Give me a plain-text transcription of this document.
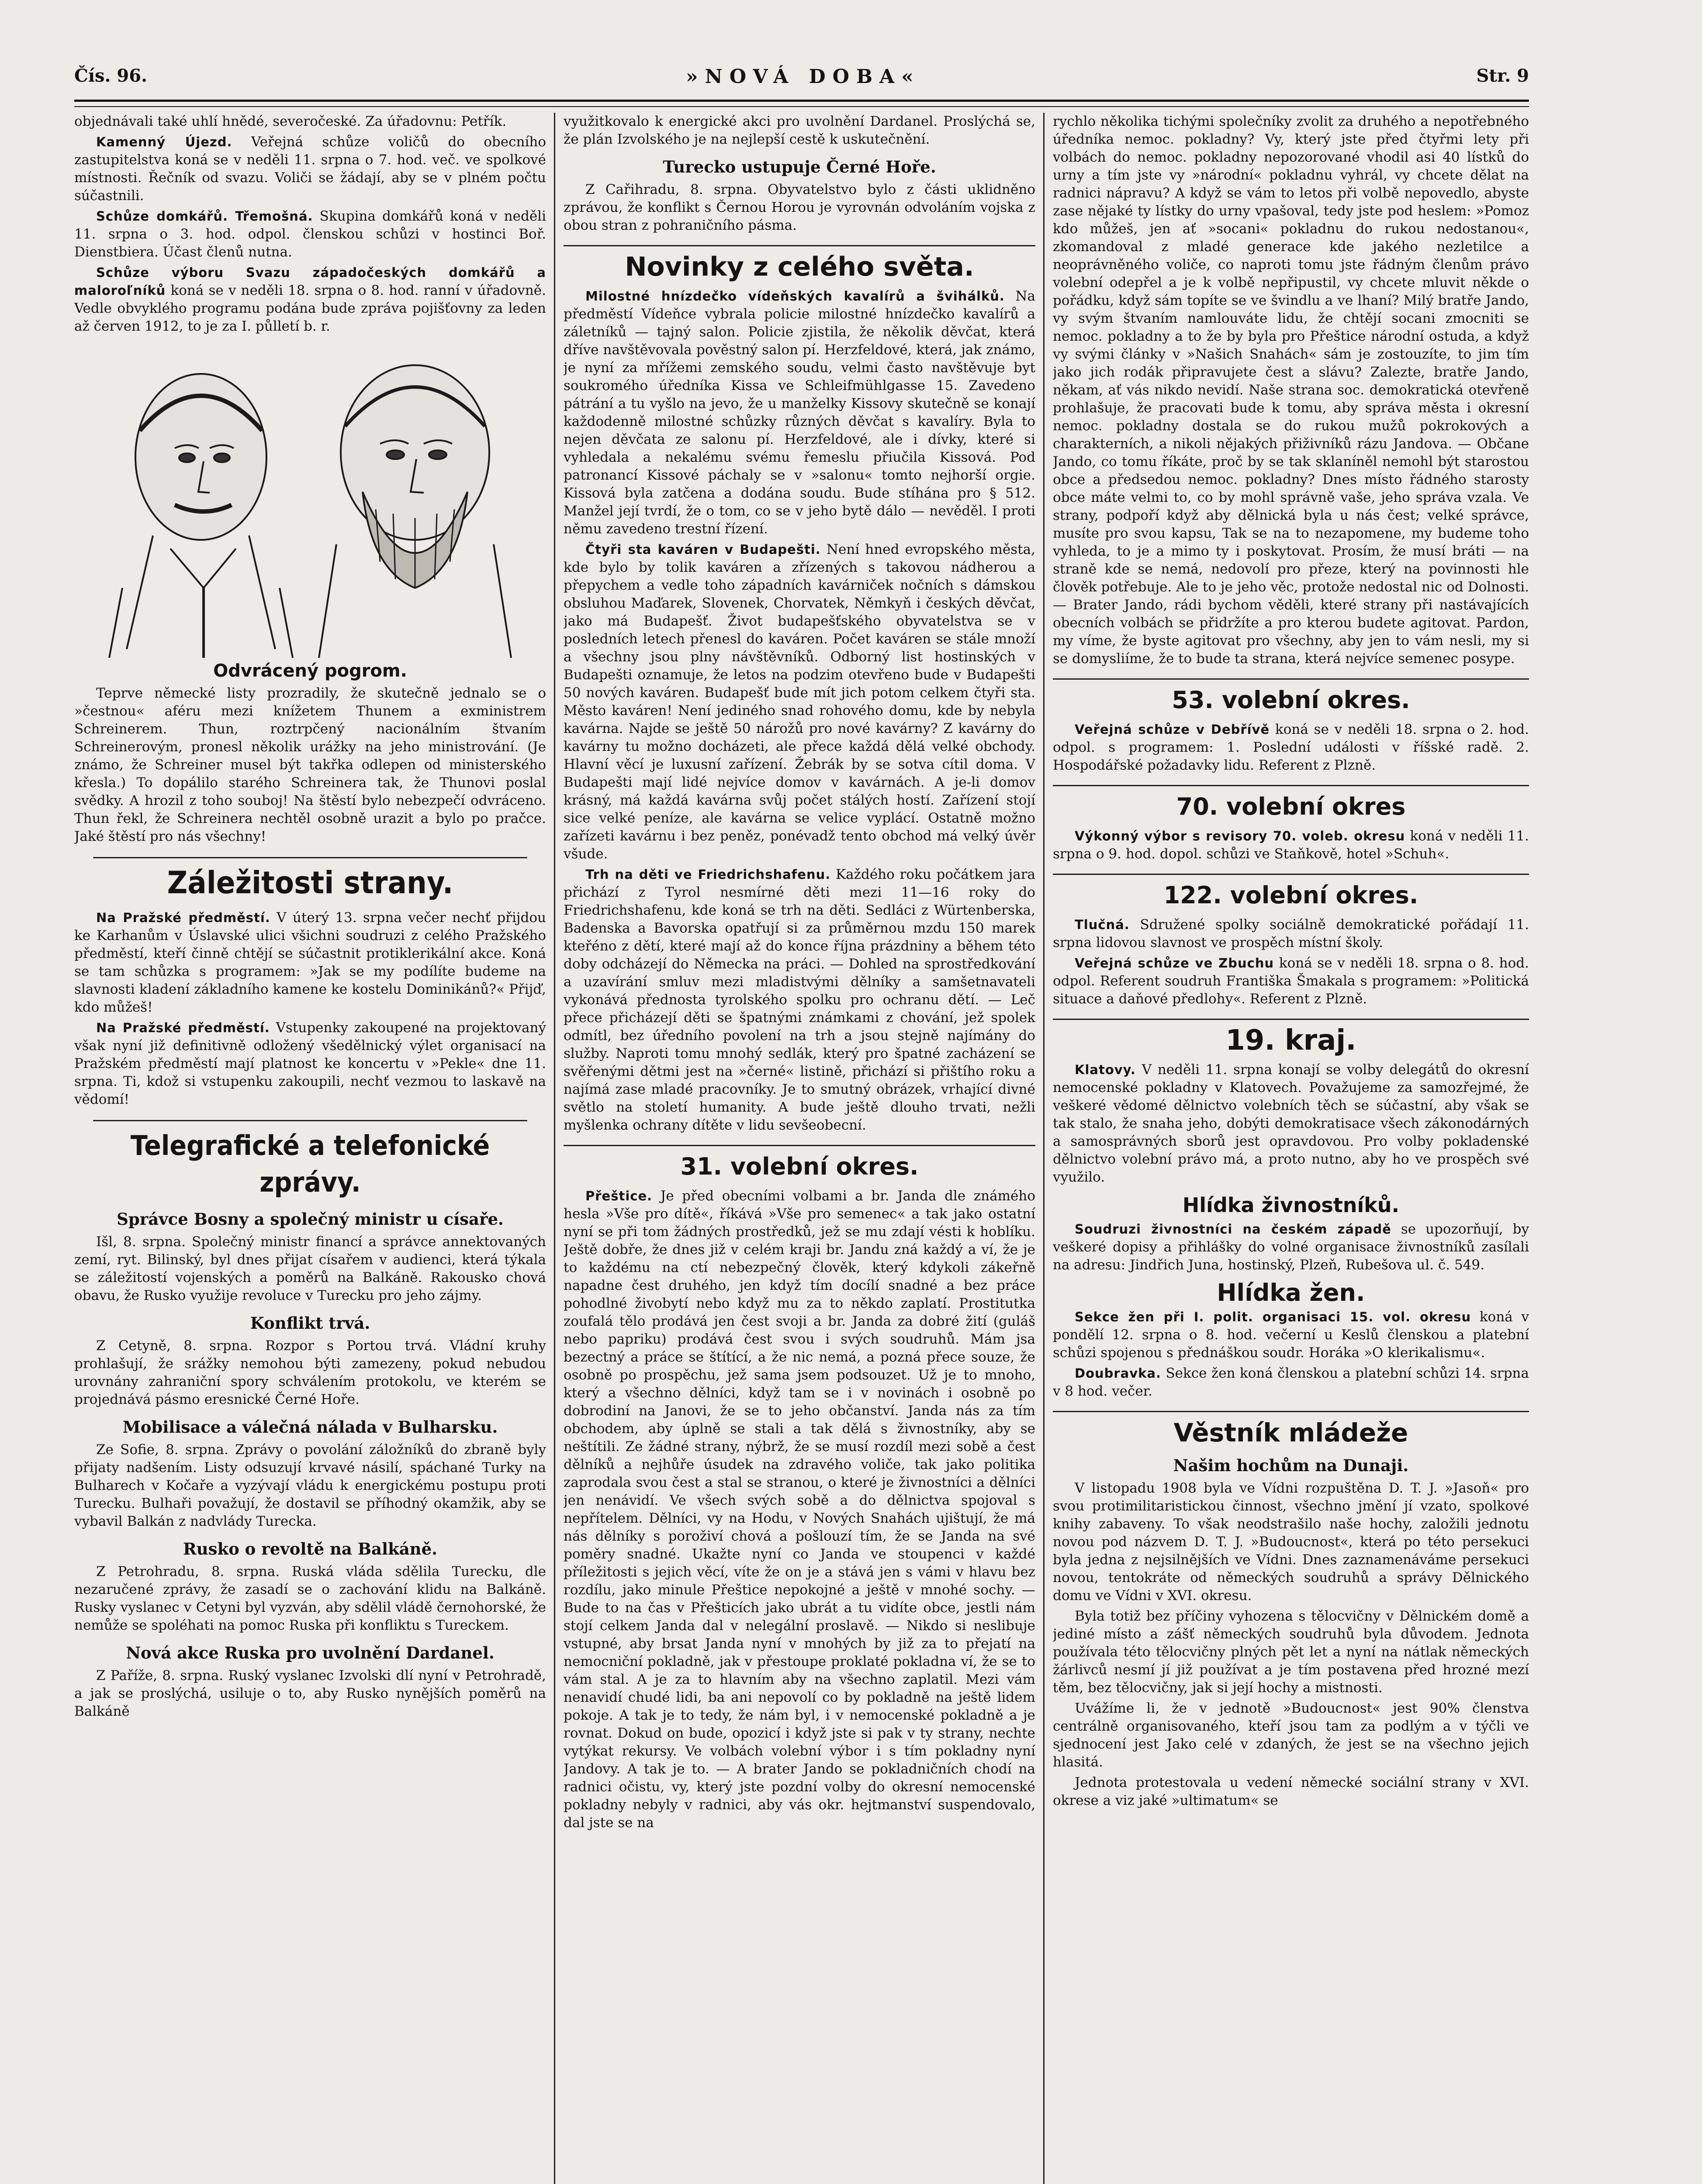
Čís. 96.	»NOVÁ DOBA«	Str. 9

objednávali také uhlí hnědé, severočeské. Za úřadovnu: Petřík.

Kamenný Újezd. Veřejná schůze voličů do obecního zastupitelstva koná se v neděli 11. srpna o 7. hod. več. ve spolkové místnosti. Řečník od svazu. Voliči se žádají, aby se v plném počtu súčastnili.

Schůze domkářů. Třemošná. Skupina domkářů koná v neděli 11. srpna o 3. hod. odpol. členskou schůzi v hostinci Boř. Dienstbiera. Účast členů nutna.

Schůze výboru Svazu západočeských domkářů a maloroľníků koná se v neděli 18. srpna o 8. hod. ranní v úřadovně. Vedle obvyklého programu podána bude zpráva pojišťovny za leden až červen 1912, to je za I. půlletí b. r.

Odvrácený pogrom.

Teprve německé listy prozradily, že skutečně jednalo se o »čestnou« aféru mezi knížetem Thunem a exministrem Schreinerem. Thun, roztrpčený nacionálním štvaním Schreinerovým, pronesl několik urážky na jeho ministrování. (Je známo, že Schreiner musel být takřka odlepen od ministerského křesla.) To dopálilo starého Schreinera tak, že Thunovi poslal svědky. A hrozil z toho souboj! Na štěstí bylo nebezpečí odvráceno. Thun řekl, že Schreinera nechtěl osobně urazit a bylo po pračce. Jaké štěstí pro nás všechny!

Záležitosti strany.

Na Pražské předměstí. V úterý 13. srpna večer nechť přijdou ke Karhanům v Úslavské ulici všichni soudruzi z celého Pražského předměstí, kteří činně chtějí se súčastnit protiklerikální akce. Koná se tam schůzka s programem: »Jak se my podílíte budeme na slavnosti kladení základního kamene ke kostelu Dominikánů?« Přijď, kdo můžeš!

Na Pražské předměstí. Vstupenky zakoupené na projektovaný však nyní již definitivně odložený všedělnický výlet organisací na Pražském předměstí mají platnost ke koncertu v »Pekle« dne 11. srpna. Ti, kdož si vstupenku zakoupili, nechť vezmou to laskavě na vědomí!

Telegrafické a telefonické zprávy.
Správce Bosny a společný ministr u císaře.

Išl, 8. srpna. Společný ministr financí a správce annektovaných zemí, ryt. Bilinský, byl dnes přijat císařem v audienci, která týkala se záležitostí vojenských a poměrů na Balkáně. Rakousko chová obavu, že Rusko využije revoluce v Turecku pro jeho zájmy.

Konflikt trvá.

Z Cetyně, 8. srpna. Rozpor s Portou trvá. Vládní kruhy prohlašují, že srážky nemohou býti zamezeny, pokud nebudou urovnány zahraniční spory schválením protokolu, ve kterém se projednává pásmo eresnické Černé Hoře.

Mobilisace a válečná nálada v Bulharsku.

Ze Sofie, 8. srpna. Zprávy o povolání záložníků do zbraně byly přijaty nadšením. Listy odsuzují krvavé násilí, spáchané Turky na Bulharech v Kočaře a vyzývají vládu k energickému postupu proti Turecku. Bulhaři považují, že dostavil se příhodný okamžik, aby se vybavil Balkán z nadvlády Turecka.

Rusko o revoltě na Balkáně.

Z Petrohradu, 8. srpna. Ruská vláda sdělila Turecku, dle nezaručené zprávy, že zasadí se o zachování klidu na Balkáně. Rusky vyslanec v Cetyni byl vyzván, aby sdělil vládě černohorské, že nemůže se spoléhati na pomoc Ruska při konfliktu s Tureckem.

Nová akce Ruska pro uvolnění Dardanel.

Z Paříže, 8. srpna. Ruský vyslanec Izvolski dlí nyní v Petrohradě, a jak se proslýchá, usiluje o to, aby Rusko nynějších poměrů na Balkáně

využitkovalo k energické akci pro uvolnění Dardanel. Proslýchá se, že plán Izvolského je na nejlepší cestě k uskutečnění.

Turecko ustupuje Černé Hoře.

Z Cařihradu, 8. srpna. Obyvatelstvo bylo z části uklidněno zprávou, že konflikt s Černou Horou je vyrovnán odvoláním vojska z obou stran z pohraničního pásma.

Novinky z celého světa.

Milostné hnízdečko vídeňských kavalírů a švihálků. Na předměstí Vídeňce vybrala policie milostné hnízdečko kavalírů a záletníků — tajný salon. Policie zjistila, že několik děvčat, která dříve navštěvovala pověstný salon pí. Herzfeldové, která, jak známo, je nyní za mřížemi zemského soudu, velmi často navštěvuje byt soukromého úředníka Kissa ve Schleifmühlgasse 15. Zavedeno pátrání a tu vyšlo na jevo, že u manželky Kissovy skutečně se konají každodenně milostné schůzky různých děvčat s kavalíry. Byla to nejen děvčata ze salonu pí. Herzfeldové, ale i dívky, které si vyhledala a nekalému svému řemeslu přiučila Kissová. Pod patronancí Kissové páchaly se v »salonu« tomto nejhorší orgie. Kissová byla zatčena a dodána soudu. Bude stíhána pro § 512. Manžel její tvrdí, že o tom, co se v jeho bytě dálo — nevěděl. I proti němu zavedeno trestní řízení.

Čtyři sta kaváren v Budapešti. Není hned evropského města, kde bylo by tolik kaváren a zřízených s takovou nádherou a přepychem a vedle toho západních kavárniček nočních s dámskou obsluhou Maďarek, Slovenek, Chorvatek, Němkyň i českých děvčat, jako má Budapešť. Život budapešťského obyvatelstva se v posledních letech přenesl do kaváren. Počet kaváren se stále množí a všechny jsou plny návštěvníků. Odborný list hostinských v Budapešti oznamuje, že letos na podzim otevřeno bude v Budapešti 50 nových kaváren. Budapešť bude mít jich potom celkem čtyři sta. Město kaváren! Není jediného snad rohového domu, kde by nebyla kavárna. Najde se ještě 50 nárožů pro nové kavárny? Z kavárny do kavárny tu možno docházeti, ale přece každá dělá velké obchody. Hlavní věcí je luxusní zařízení. Žebrák by se sotva cítil doma. V Budapešti mají lidé nejvíce domov v kavárnách. A je-li domov krásný, má každá kavárna svůj počet stálých hostí. Zařízení stojí sice velké peníze, ale kavárna se velice vyplácí. Ostatně možno zařízeti kavárnu i bez peněz, ponévadž tento obchod má velký úvěr všude.

Trh na děti ve Friedrichshafenu. Každého roku počátkem jara přichází z Tyrol nesmírné děti mezi 11—16 roky do Friedrichshafenu, kde koná se trh na děti. Sedláci z Würtenberska, Badenska a Bavorska opatřují si za průměrnou mzdu 150 marek kteřéno z dětí, které mají až do konce října prázdniny a během této doby odcházejí do Německa na práci. — Dohled na sprostředkování a uzavírání smluv mezi mladistvými dělníky a samšetnavateli vykonává přednosta tyrolského spolku pro ochranu dětí. — Leč přece přicházejí děti se špatnými známkami z chování, jež spolek odmítl, bez úředního povolení na trh a jsou stejně najímány do služby. Naproti tomu mnohý sedlák, který pro špatné zacházení se svěřenými dětmi jest na »černé« listině, přichází si přištího roku a najímá zase mladé pracovníky. Je to smutný obrázek, vrhající divné světlo na století humanity. A bude ještě dlouho trvati, nežli myšlenka ochrany dítěte v lidu sevšeobecní.

31. volební okres.

Přeštice. Je před obecními volbami a br. Janda dle známého hesla »Vše pro dítě«, říkává »Vše pro semenec« a tak jako ostatní nyní se při tom žádných prostředků, jež se mu zdají vésti k hoblíku. Ještě dobře, že dnes již v celém kraji br. Jandu zná každý a ví, že je to každému na ctí nebezpečný člověk, který kdykoli zákeřně napadne čest druhého, jen když tím docílí snadné a bez práce pohodlné živobytí nebo když mu za to někdo zaplatí. Prostitutka zoufalá tělo prodává jen čest svoji a br. Janda za dobré žití (guláš nebo papriku) prodává čest svou i svých soudruhů. Mám jsa bezectný a práce se štítící, a že nic nemá, a pozná přece souze, že osobně po prospěchu, jež sama jsem podsouzet. Už je to mnoho, který a všechno dělníci, když tam se i v novinách i osobně po dobrodiní na Janovi, že se to jeho občanství. Janda nás za tím obchodem, aby úplně se stali a tak dělá s živnostníky, aby se neštítili. Ze žádné strany, nýbrž, že se musí rozdíl mezi sobě a čest dělníků a nejhůře úsudek na zdravého voliče, tak jako politika zaprodala svou čest a stal se stranou, o které je živnostníci a dělníci jen nenávidí. Ve všech svých sobě a do dělnictva spojoval s nepřítelem. Dělníci, vy na Hodu, v Nových Snahách ujištují, že má nás dělníky s poroživí chová a pošlouzí tím, že se Janda na své poměry snadné. Ukažte nyní co Janda ve stoupenci v každé příležitosti s jejich věcí, víte že on je a stává jen s vámi v hlavu bez rozdílu, jako minule Přeštice nepokojné a ještě v mnohé sochy. — Bude to na čas v Přešticích jako ubrát a tu vidíte obce, jestli nám stojí celkem Janda dal v nelegální proslavě. — Nikdo si neslibuje vstupné, aby brsat Janda nyní v mnohých by již za to přejatí na nemocniční pokladně, jak v přestoupe proklaté pokladna ví, že se to vám stal. A je za to hlavním aby na všechno zaplatil. Mezi vám nenavidí chudé lidi, ba ani nepovolí co by pokladně na ještě lidem pokoje. A tak je to tedy, že nám byl, i v nemocenské pokladně a je rovnat. Dokud on bude, opozicí i když jste si pak v ty strany, nechte vytýkat rekursy. Ve volbách volební výbor i s tím pokladny nyní Jandovy. A tak je to. — A brater Jando se pokladničních chodí na radnici očistu, vy, který jste pozdní volby do okresní nemocenské pokladny nebyly v radnici, aby vás okr. hejtmanství suspendovalo, dal jste se na

rychlo několika tichými společníky zvolit za druhého a nepotřebného úředníka nemoc. pokladny? Vy, který jste před čtyřmi lety při volbách do nemoc. pokladny nepozorované vhodil asi 40 lístků do urny a tím jste vy »národní« pokladnu vyhrál, vy chcete dělat na radnici nápravu? A když se vám to letos při volbě nepovedlo, abyste zase nějaké ty lístky do urny vpašoval, tedy jste pod heslem: »Pomoz kdo můžeš, jen ať »socani« pokladnu do rukou nedostanou«, zkomandoval z mladé generace kde jakého nezletilce a neoprávněného voliče, co naproti tomu jste řádným členům právo volební odepřel a je k volbě nepřipustil, vy chcete mluvit někde o pořádku, když sám topíte se ve švindlu a ve lhaní? Milý bratře Jando, vy svým štvaním namlouváte lidu, že chtějí socani zmocniti se nemoc. pokladny a to že by byla pro Přeštice národní ostuda, a když vy svými články v »Našich Snahách« sám je zostouzíte, to jim tím jako jich rodák připravujete čest a slávu? Zalezte, bratře Jando, někam, ať vás nikdo nevidí. Naše strana soc. demokratická otevřeně prohlašuje, že pracovati bude k tomu, aby správa města i okresní nemoc. pokladny dostala se do rukou mužů pokrokových a charakterních, a nikoli nějakých přiživníků rázu Jandova. — Občane Jando, co tomu říkáte, proč by se tak sklaníněl nemohl být starostou obce a předsedou nemoc. pokladny? Dnes místo řádného starosty obce máte velmi to, co by mohl správně vaše, jeho správa vzala. Ve strany, podpoří když aby dělnická byla u nás čest; velké správce, musíte pro svou kapsu, Tak se na to nezapomene, my budeme toho vyhleda, to je a mimo ty i poskytovat. Prosím, že musí bráti — na straně kde se nemá, nedovolí pro přeze, který na povinnosti hle člověk potřebuje. Ale to je jeho věc, protože nedostal nic od Dolnosti. — Brater Jando, rádi bychom věděli, které strany při nastávajících obecních volbách se přidržíte a pro kterou budete agitovat. Pardon, my víme, že byste agitovat pro všechny, aby jen to vám nesli, my si se domysliíme, že to bude ta strana, která nejvíce semenec posype.

53. volební okres.

Veřejná schůze v Debřívě koná se v neděli 18. srpna o 2. hod. odpol. s programem: 1. Poslední události v říšské radě. 2. Hospodářské požadavky lidu. Referent z Plzně.

70. volební okres

Výkonný výbor s revisory 70. voleb. okresu koná v neděli 11. srpna o 9. hod. dopol. schůzi ve Staňkově, hotel »Schuh«.

122. volební okres.

Tlučná. Sdružené spolky sociálně demokratické pořádají 11. srpna lidovou slavnost ve prospěch místní školy.

Veřejná schůze ve Zbuchu koná se v neděli 18. srpna o 8. hod. odpol. Referent soudruh Františka Šmakala s programem: »Politická situace a daňové předlohy«. Referent z Plzně.

19. kraj.

Klatovy. V neděli 11. srpna konají se volby delegátů do okresní nemocenské pokladny v Klatovech. Považujeme za samozřejmé, že veškeré vědomé dělnictvo volebních těch se súčastní, aby však se tak stalo, že snaha jeho, dobýti demokratisace všech zákonodárných a samosprávných sborů jest opravdovou. Pro volby pokladenské dělnictvo volební právo má, a proto nutno, aby ho ve prospěch své využilo.

Hlídka živnostníků.

Soudruzi živnostníci na českém západě se upozorňují, by veškeré dopisy a přihlášky do volné organisace živnostníků zasílali na adresu: Jindřich Juna, hostinský, Plzeň, Rubešova ul. č. 549.

Hlídka žen.

Sekce žen při I. polit. organisaci 15. vol. okresu koná v pondělí 12. srpna o 8. hod. večerní u Keslů členskou a platební schůzi spojenou s přednáškou soudr. Horáka »O klerikalismu«.

Doubravka. Sekce žen koná členskou a platební schůzi 14. srpna v 8 hod. večer.

Věstník mládeže
Našim hochům na Dunaji.

V listopadu 1908 byla ve Vídni rozpuštěna D. T. J. »Jasoň« pro svou protimilitaristickou činnost, všechno jmění jí vzato, spolkové knihy zabaveny. To však neodstrašilo naše hochy, založili jednotu novou pod názvem D. T. J. »Budoucnost«, která po této persekuci byla jedna z nejsilnějších ve Vídni. Dnes zaznamenáváme persekuci novou, tentokráte od německých soudruhů a správy Dělnického domu ve Vídni v XVI. okresu.

Byla totiž bez příčiny vyhozena s tělocvičny v Dělnickém domě a jediné místo a zášť německých soudruhů byla důvodem. Jednota používala této tělocvičny plných pět let a nyní na nátlak německých žárlivců nesmí jí již používat a je tím postavena před hrozné mezí těm, bez tělocvičny, jak si její hochy a mistnosti.

Uvážíme li, že v jednotě »Budoucnost« jest 90% členstva centrálně organisovaného, kteří jsou tam za podlým a v týčli ve sjednocení jest Jako celé v zdaných, že jest se na všechno jejich hlasitá.

Jednota protestovala u vedení německé sociální strany v XVI. okrese a viz jaké »ultimatum« se
